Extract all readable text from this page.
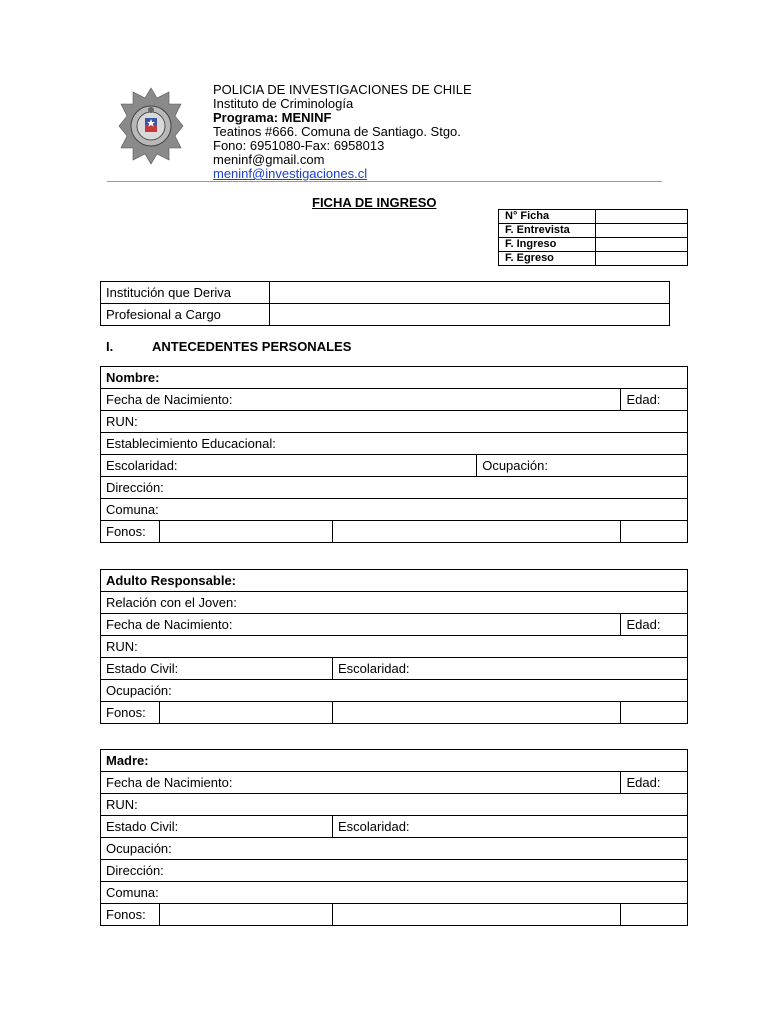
POLICIA DE INVESTIGACIONES DE CHILE
Instituto de Criminología
Programa: MENINF
Teatinos #666. Comuna de Santiago. Stgo.
Fono: 6951080-Fax: 6958013
meninf@gmail.com
meninf@investigaciones.cl
FICHA DE INGRESO
N° Ficha	
F. Entrevista	
F. Ingreso	
F. Egreso	
Institución que Deriva	
Profesional a Cargo	
I.	ANTECEDENTES PERSONALES
Nombre:				
Fecha de Nacimiento:				Edad:
RUN:				
Establecimiento Educacional:				
Escolaridad:			Ocupación:	
Dirección:				
Comuna:				
Fonos:				
Adulto Responsable:			
Relación con el Joven:			
Fecha de Nacimiento:			Edad:
RUN:			
Estado Civil:		Escolaridad:	
Ocupación:			
Fonos:			
Madre:			
Fecha de Nacimiento:			Edad:
RUN:			
Estado Civil:		Escolaridad:	
Ocupación:			
Dirección:			
Comuna:			
Fonos:			
